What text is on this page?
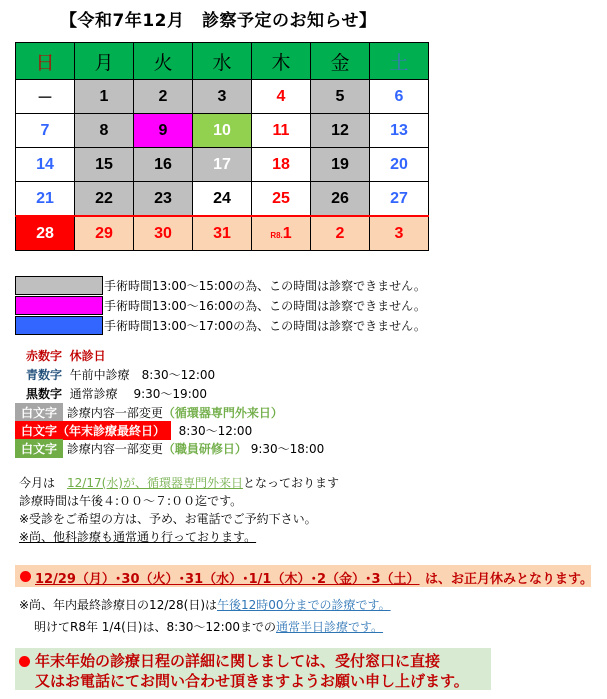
【令和7年12月　診察予定のお知らせ】
日	月	火	水	木	金	土
－	1	2	3	4	5	6
7	8	9	10	11	12	13
14	15	16	17	18	19	20
21	22	23	24	25	26	27
28	29	30	31	R8.1	2	3
手術時間13:00～15:00の為、この時間は診察できません。
手術時間13:00～16:00の為、この時間は診察できません。
手術時間13:00～17:00の為、この時間は診察できません。
赤数字 休診日
青数字 午前中診療　8:30～12:00
黒数字 通常診療　 9:30～19:00
白文字 診療内容一部変更（循環器専門外来日）
白文字（年末診療最終日） 8:30～12:00
白文字 診療内容一部変更（職員研修日） 9:30～18:00
今月は　12/17(水)が、循環器専門外来日となっております
診療時間は午後４:００～７:００迄です。
※受診をご希望の方は、予め、お電話でご予約下さい。
※尚、他科診療も通常通り行っております。
12/29（月）･30（火）･31（水）･1/1（木）･2（金）･3（土） は、お正月休みとなります。
※尚、年内最終診療日の12/28(日)は午後12時00分までの診療です。
明けてR8年 1/4(日)は、8:30～12:00までの通常半日診療です。
年末年始の診療日程の詳細に関しましては、受付窓口に直接
又はお電話にてお問い合わせ頂きますようお願い申し上げます。
